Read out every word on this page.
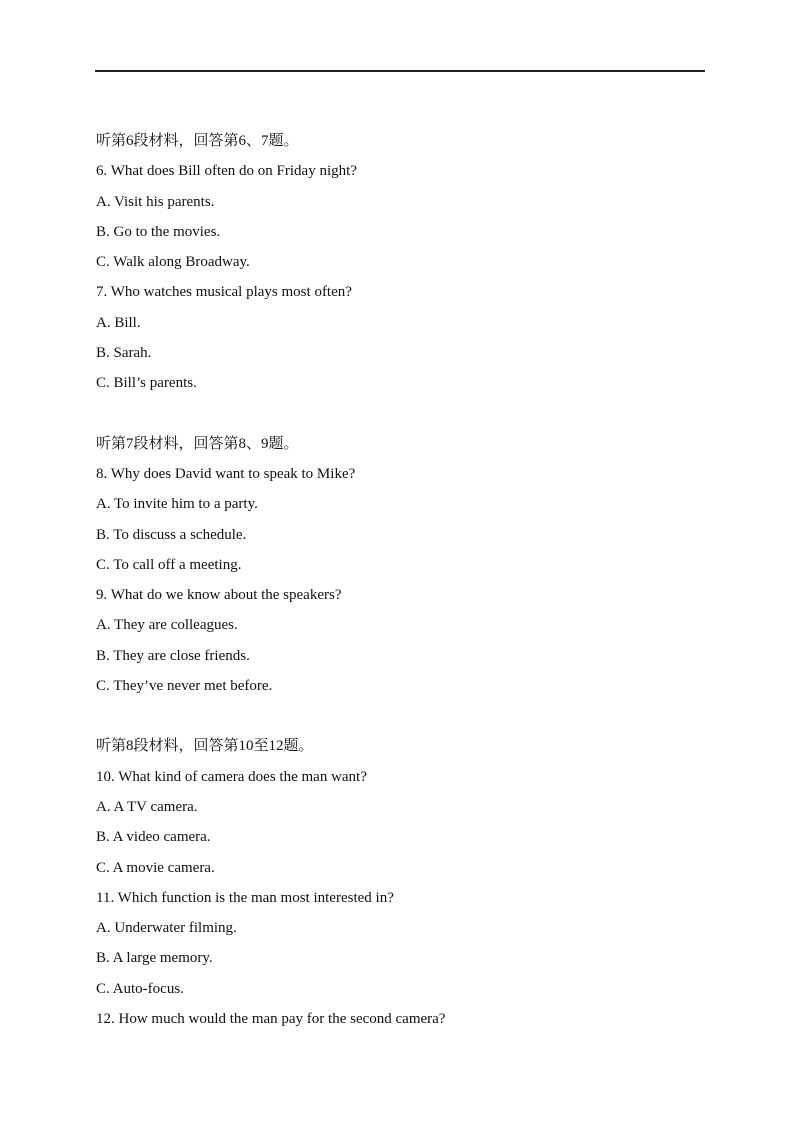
听第6段材料，回答第6、7题。
6. What does Bill often do on Friday night?
A. Visit his parents.
B. Go to the movies.
C. Walk along Broadway.
7. Who watches musical plays most often?
A. Bill.
B. Sarah.
C. Bill’s parents.
听第7段材料，回答第8、9题。
8. Why does David want to speak to Mike?
A. To invite him to a party.
B. To discuss a schedule.
C. To call off a meeting.
9. What do we know about the speakers?
A. They are colleagues.
B. They are close friends.
C. They’ve never met before.
听第8段材料，回答第10至12题。
10. What kind of camera does the man want?
A. A TV camera.
B. A video camera.
C. A movie camera.
11. Which function is the man most interested in?
A. Underwater filming.
B. A large memory.
C. Auto-focus.
12. How much would the man pay for the second camera?
